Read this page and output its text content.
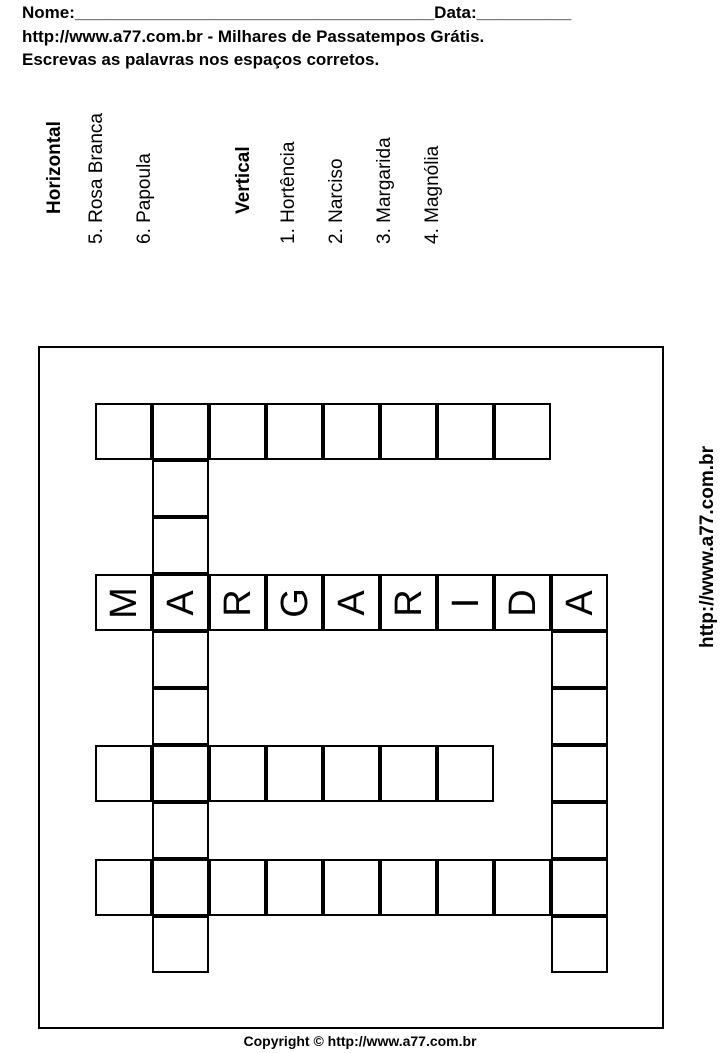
Nome:______________________________________Data:__________
http://www.a77.com.br - Milhares de Passatempos Grátis.
Escrevas as palavras nos espaços corretos.
Horizontal 5. Rosa Branca 6. Papoula	Vertical 1. Hortência 2. Narciso 3. Margarida 4. Magnólia
M A R G A R I D A	http://www.a77.com.br
Copyright © http://www.a77.com.br
